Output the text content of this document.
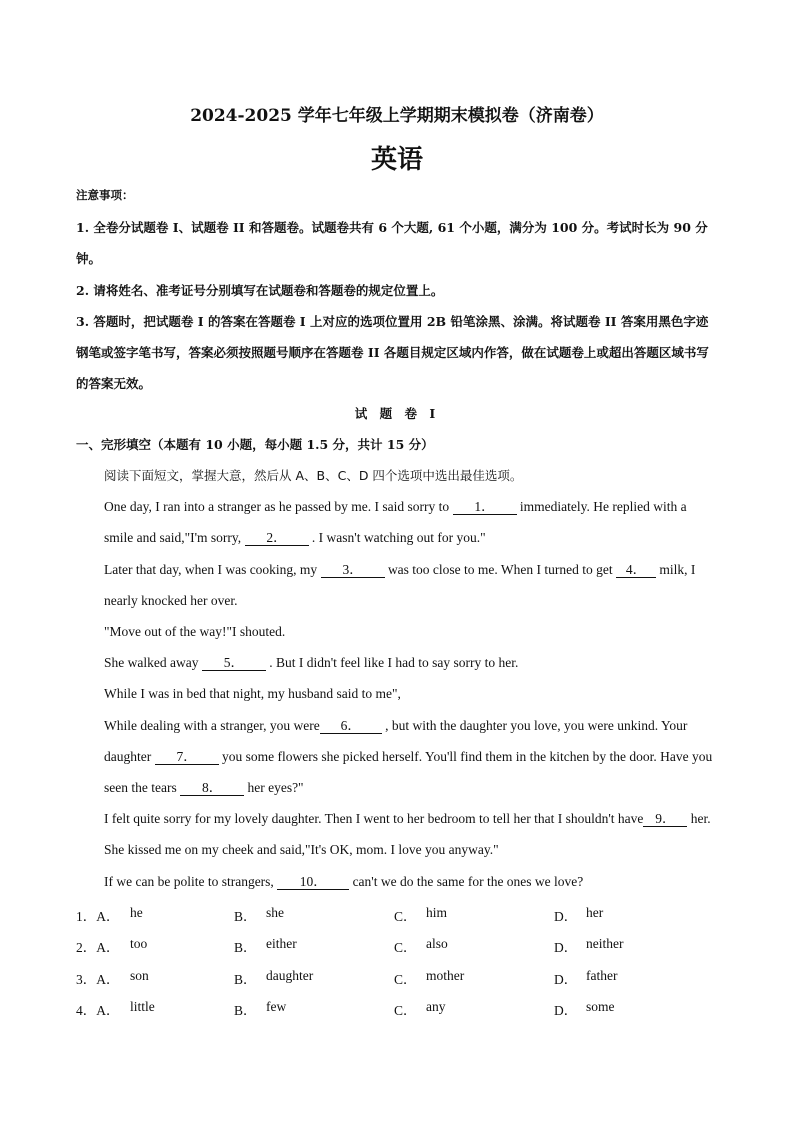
2024-2025 学年七年级上学期期末模拟卷（济南卷）
英语
注意事项：

1. 全卷分试题卷 I、试题卷 II 和答题卷。试题卷共有 6 个大题, 61 个小题，满分为 100 分。考试时长为 90 分钟。

2. 请将姓名、准考证号分别填写在试题卷和答题卷的规定位置上。

3. 答题时，把试题卷 I 的答案在答题卷 I 上对应的选项位置用 2B 铅笔涂黑、涂满。将试题卷 II 答案用黑色字迹钢笔或签字笔书写，答案必须按照题号顺序在答题卷 II 各题目规定区域内作答，做在试题卷上或超出答题区域书写的答案无效。

试 题 卷 I
一、完形填空（本题有 10 小题，每小题 1.5 分，共计 15 分）

阅读下面短文，掌握大意，然后从 A、B、C、D 四个选项中选出最佳选项。

One day, I ran into a stranger as he passed by me. I said sorry to 1． immediately. He replied with a smile and said,"I'm sorry, 2． . I wasn't watching out for you."

Later that day, when I was cooking, my 3． was too close to me. When I turned to get 4． milk, I nearly knocked her over.

"Move out of the way!"I shouted.

She walked away 5． . But I didn't feel like I had to say sorry to her.

While I was in bed that night, my husband said to me",

While dealing with a stranger, you were 6． , but with the daughter you love, you were unkind. Your daughter 7． you some flowers she picked herself. You'll find them in the kitchen by the door. Have you seen the tears 8． her eyes?"

I felt quite sorry for my lovely daughter. Then I went to her bedroom to tell her that I shouldn't have 9． her. She kissed me on my cheek and said,"It's OK, mom. I love you anyway."

If we can be polite to strangers, 10． can't we do the same for the ones we love?

1．A． he	B． she	C． him	D． her
2．A． too	B． either	C． also	D． neither
3．A． son	B． daughter	C． mother	D． father
4．A． little	B． few	C． any	D． some
